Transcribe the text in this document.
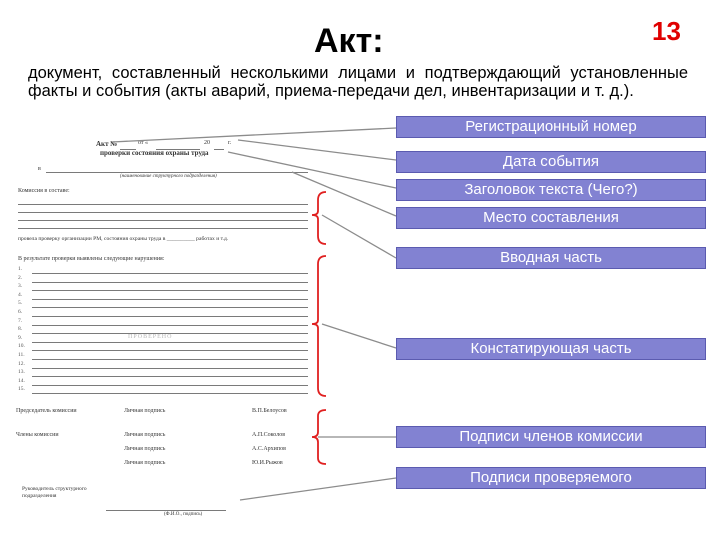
Акт:	13
документ, составленный несколькими лицами и подтверждающий установленные факты и события (акты аварий, приема-передачи дел, инвентаризации и т. д.).
Акт №	от «	20	г.
проверки состояния охраны труда
в
(наименование структурного подразделения)
Комиссия в составе:
провела проверку организации РМ, состояния охраны труда в __________ работах и т.д.
В результате проверки выявлены следующие нарушения:
1.
2.
3.
4.
5.
6.
7.
8.
9.
10.
11.
12.
13.
14.
15.
ПРОВЕРЕНО
Председатель комиссии	Личная подпись	В.П.Белоусов
Члены комиссии	Личная подпись	А.П.Соколов
Личная подпись	А.С.Архипов
Личная подпись	Ю.И.Рыжов
Руководитель структурного подразделения
(Ф.И.О., подпись)
Регистрационный номер
Дата события
Заголовок текста (Чего?)
Место составления
Вводная часть
Констатирующая часть
Подписи членов комиссии
Подписи проверяемого
